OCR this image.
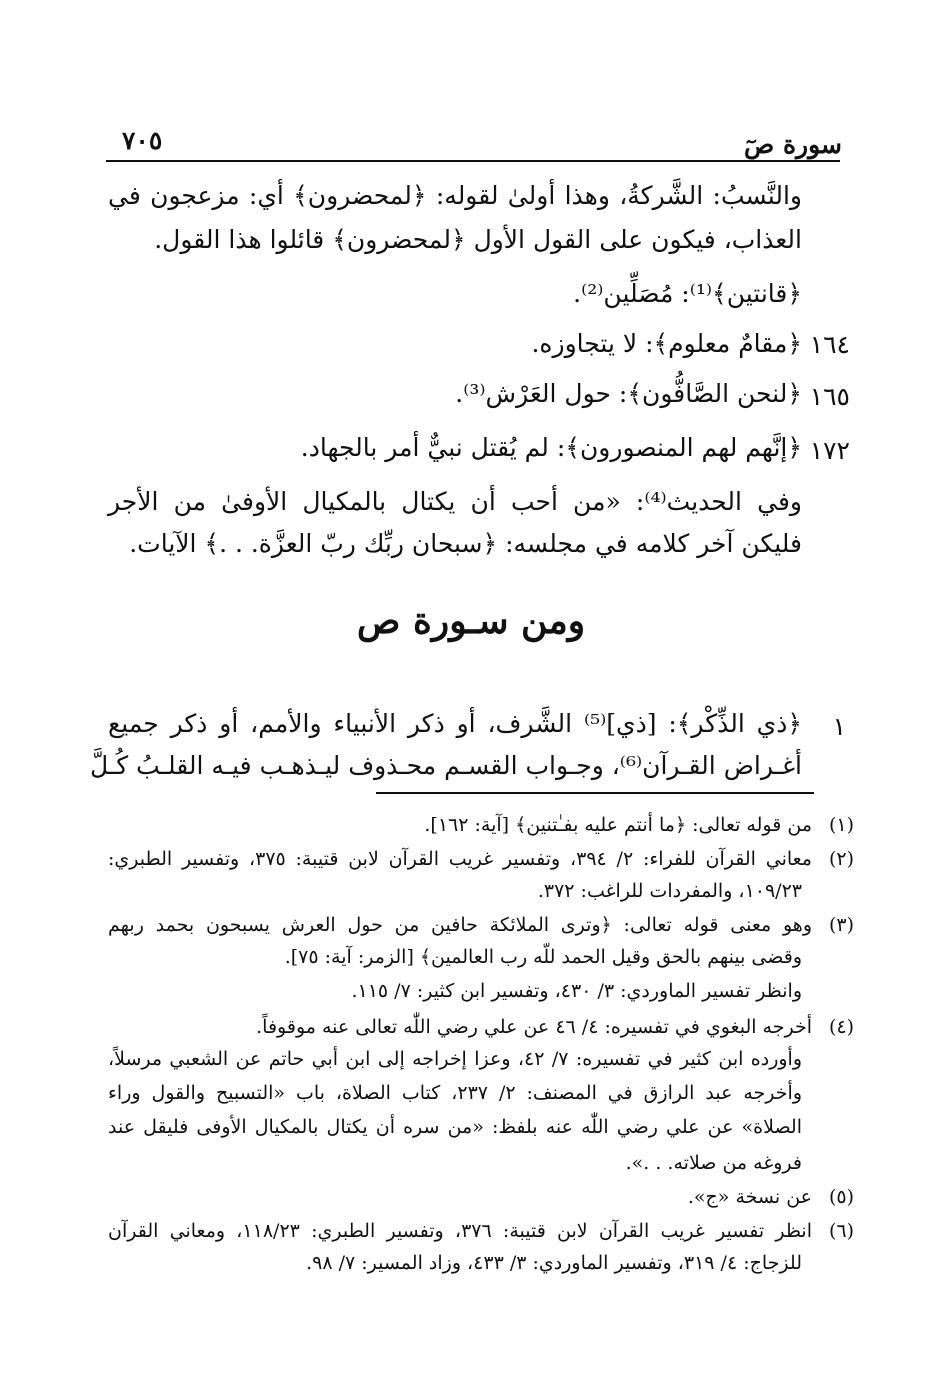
سورة صٓ
٧٠٥
والنَّسبُ: الشَّركةُ، وهذا أولىٰ لقوله: ﴿لمحضرون﴾ أي: مزعجون في
العذاب، فيكون على القول الأول ﴿لمحضرون﴾ قائلوا هذا القول.
﴿قانتين﴾⁽¹⁾: مُصَلِّين⁽²⁾.
١٦٤
﴿مقامٌ معلوم﴾: لا يتجاوزه.
١٦٥
﴿لنحن الصَّافُّون﴾: حول العَرْش⁽³⁾.
١٧٢
﴿إنَّهم لهم المنصورون﴾: لم يُقتل نبيٌّ أمر بالجهاد.
وفي الحديث⁽⁴⁾: «من أحب أن يكتال بالمكيال الأوفىٰ من الأجر
فليكن آخر كلامه في مجلسه: ﴿سبحان ربِّك ربّ العزَّة. . .﴾ الآيات.
ومن سـورة ص
١
﴿ذي الذِّكْر﴾: [ذي]⁽⁵⁾ الشَّرف، أو ذكر الأنبياء والأمم، أو ذكر جميع
أغـراض القـرآن⁽⁶⁾، وجـواب القسـم محـذوف ليـذهـب فيـه القلـبُ كُـلَّ
(١)
من قوله تعالى: ﴿ما أنتم عليه بفـٰتنين﴾ [آية: ١٦٢].
(٢)
معاني القرآن للفراء: ٢/ ٣٩٤، وتفسير غريب القرآن لابن قتيبة: ٣٧٥، وتفسير الطبري:
١٠٩/٢٣، والمفردات للراغب: ٣٧٢.
(٣)
وهو معنى قوله تعالى: ﴿وترى الملائكة حافين من حول العرش يسبحون بحمد ربهم
وقضى بينهم بالحق وقيل الحمد للّه رب العالمين﴾ [الزمر: آية: ٧٥].
وانظر تفسير الماوردي: ٣/ ٤٣٠، وتفسير ابن كثير: ٧/ ١١٥.
(٤)
أخرجه البغوي في تفسيره: ٤/ ٤٦ عن علي رضي اللّٰه تعالى عنه موقوفاً.
وأورده ابن كثير في تفسيره: ٧/ ٤٢، وعزا إخراجه إلى ابن أبي حاتم عن الشعبي مرسلاً،
وأخرجه عبد الرازق في المصنف: ٢/ ٢٣٧، كتاب الصلاة، باب «التسبيح والقول وراء
الصلاة» عن علي رضي اللّٰه عنه بلفظ: «من سره أن يكتال بالمكيال الأوفى فليقل عند
فروغه من صلاته. . .».
(٥)
عن نسخة «ج».
(٦)
انظر تفسير غريب القرآن لابن قتيبة: ٣٧٦، وتفسير الطبري: ١١٨/٢٣، ومعاني القرآن
للزجاج: ٤/ ٣١٩، وتفسير الماوردي: ٣/ ٤٣٣، وزاد المسير: ٧/ ٩٨.
